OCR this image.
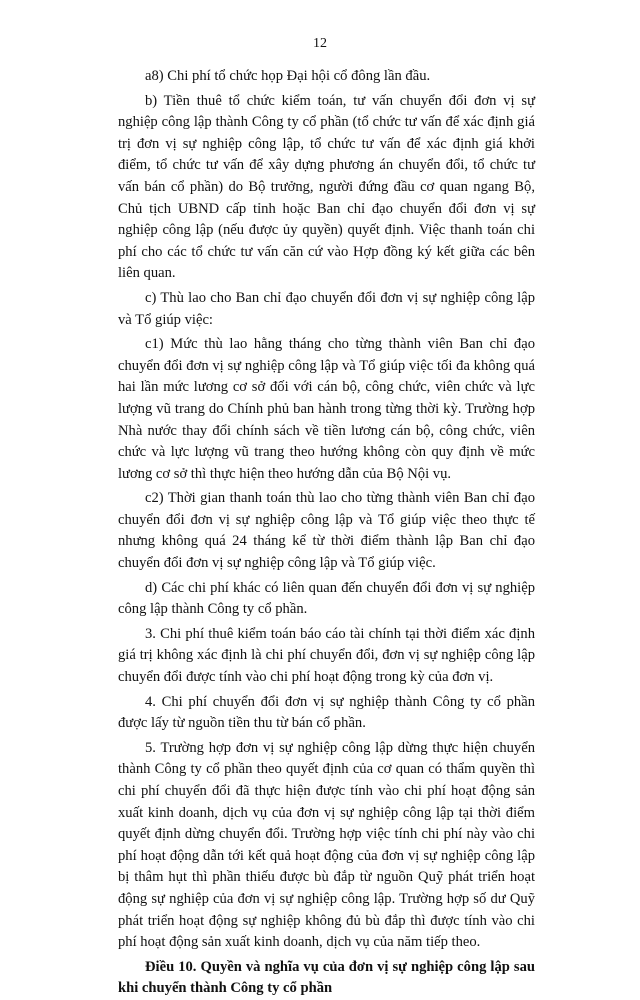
12

a8) Chi phí tổ chức họp Đại hội cổ đông lần đầu.

b) Tiền thuê tổ chức kiểm toán, tư vấn chuyển đổi đơn vị sự nghiệp công lập thành Công ty cổ phần (tổ chức tư vấn để xác định giá trị đơn vị sự nghiệp công lập, tổ chức tư vấn để xác định giá khởi điểm, tổ chức tư vấn để xây dựng phương án chuyển đổi, tổ chức tư vấn bán cổ phần) do Bộ trưởng, người đứng đầu cơ quan ngang Bộ, Chủ tịch UBND cấp tỉnh hoặc Ban chỉ đạo chuyển đổi đơn vị sự nghiệp công lập (nếu được ủy quyền) quyết định. Việc thanh toán chi phí cho các tổ chức tư vấn căn cứ vào Hợp đồng ký kết giữa các bên liên quan.

c) Thù lao cho Ban chỉ đạo chuyển đổi đơn vị sự nghiệp công lập và Tổ giúp việc:

c1) Mức thù lao hằng tháng cho từng thành viên Ban chỉ đạo chuyển đổi đơn vị sự nghiệp công lập và Tổ giúp việc tối đa không quá hai lần mức lương cơ sở đối với cán bộ, công chức, viên chức và lực lượng vũ trang do Chính phủ ban hành trong từng thời kỳ. Trường hợp Nhà nước thay đổi chính sách về tiền lương cán bộ, công chức, viên chức và lực lượng vũ trang theo hướng không còn quy định về mức lương cơ sở thì thực hiện theo hướng dẫn của Bộ Nội vụ.

c2) Thời gian thanh toán thù lao cho từng thành viên Ban chỉ đạo chuyển đổi đơn vị sự nghiệp công lập và Tổ giúp việc theo thực tế nhưng không quá 24 tháng kể từ thời điểm thành lập Ban chỉ đạo chuyển đổi đơn vị sự nghiệp công lập và Tổ giúp việc.

d) Các chi phí khác có liên quan đến chuyển đổi đơn vị sự nghiệp công lập thành Công ty cổ phần.

3. Chi phí thuê kiểm toán báo cáo tài chính tại thời điểm xác định giá trị không xác định là chi phí chuyển đổi, đơn vị sự nghiệp công lập chuyển đổi được tính vào chi phí hoạt động trong kỳ của đơn vị.

4. Chi phí chuyển đổi đơn vị sự nghiệp thành Công ty cổ phần được lấy từ nguồn tiền thu từ bán cổ phần.

5. Trường hợp đơn vị sự nghiệp công lập dừng thực hiện chuyển thành Công ty cổ phần theo quyết định của cơ quan có thẩm quyền thì chi phí chuyển đổi đã thực hiện được tính vào chi phí hoạt động sản xuất kinh doanh, dịch vụ của đơn vị sự nghiệp công lập tại thời điểm quyết định dừng chuyển đổi. Trường hợp việc tính chi phí này vào chi phí hoạt động dẫn tới kết quả hoạt động của đơn vị sự nghiệp công lập bị thâm hụt thì phần thiếu được bù đắp từ nguồn Quỹ phát triển hoạt động sự nghiệp của đơn vị sự nghiệp công lập. Trường hợp số dư Quỹ phát triển hoạt động sự nghiệp không đủ bù đắp thì được tính vào chi phí hoạt động sản xuất kinh doanh, dịch vụ của năm tiếp theo.

Điều 10. Quyền và nghĩa vụ của đơn vị sự nghiệp công lập sau khi chuyển thành Công ty cổ phần
